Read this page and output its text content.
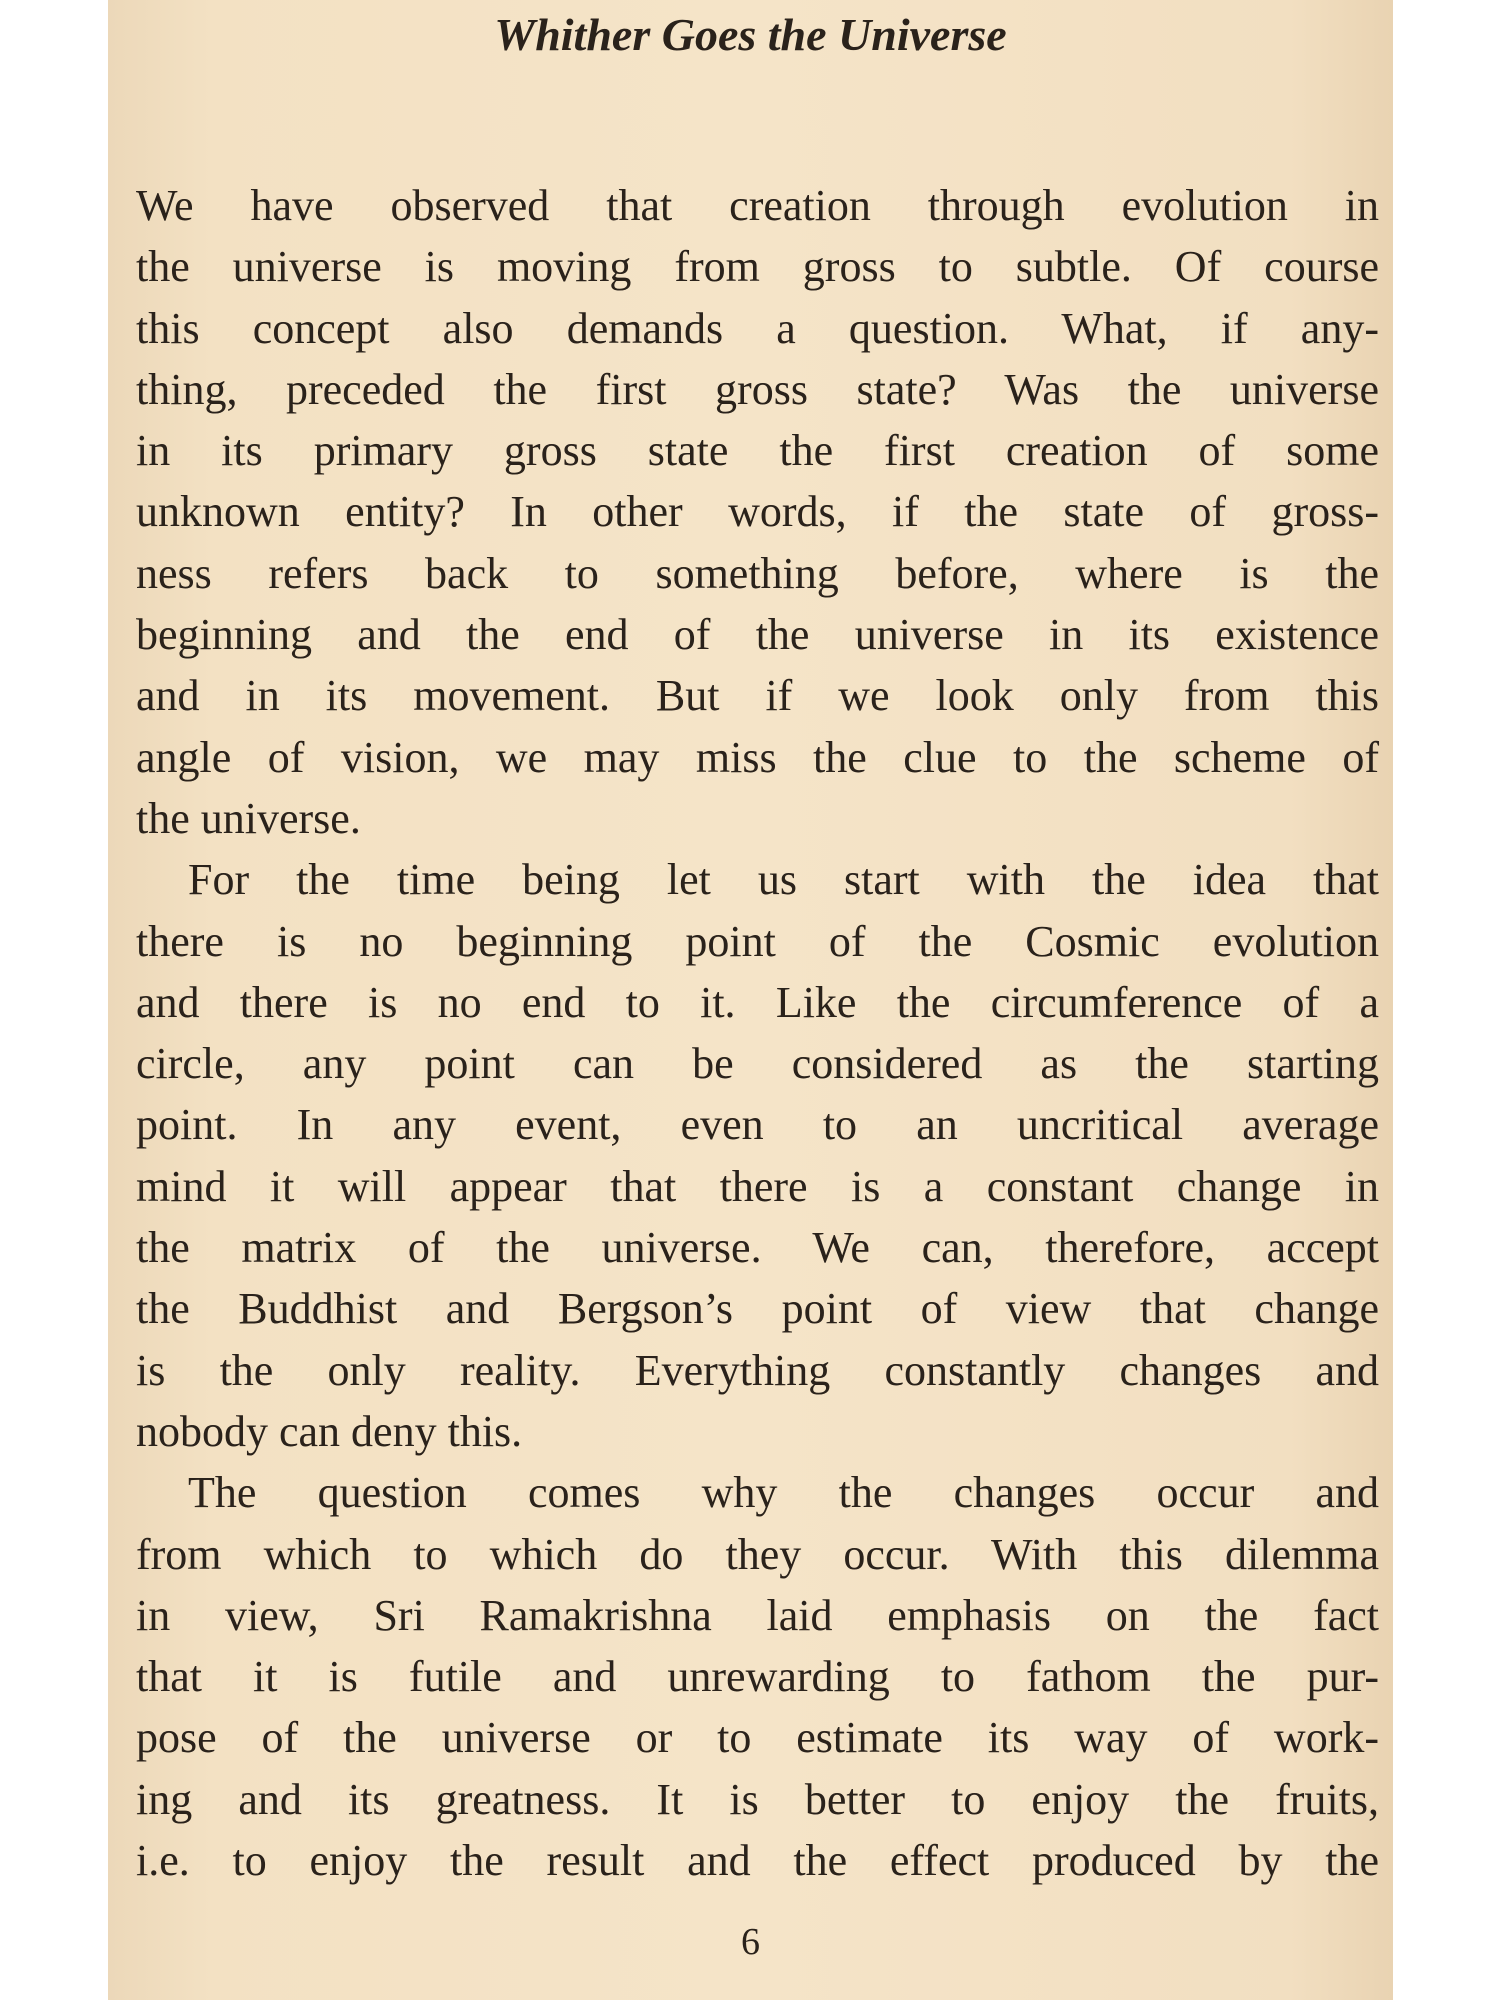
Whither Goes the Universe
We have observed that creation through evolution in
the universe is moving from gross to subtle. Of course
this concept also demands a question. What, if any-
thing, preceded the first gross state? Was the universe
in its primary gross state the first creation of some
unknown entity? In other words, if the state of gross-
ness refers back to something before, where is the
beginning and the end of the universe in its existence
and in its movement. But if we look only from this
angle of vision, we may miss the clue to the scheme of
the universe.
For the time being let us start with the idea that
there is no beginning point of the Cosmic evolution
and there is no end to it. Like the circumference of a
circle, any point can be considered as the starting
point. In any event, even to an uncritical average
mind it will appear that there is a constant change in
the matrix of the universe. We can, therefore, accept
the Buddhist and Bergson’s point of view that change
is the only reality. Everything constantly changes and
nobody can deny this.
The question comes why the changes occur and
from which to which do they occur. With this dilemma
in view, Sri Ramakrishna laid emphasis on the fact
that it is futile and unrewarding to fathom the pur-
pose of the universe or to estimate its way of work-
ing and its greatness. It is better to enjoy the fruits,
i.e. to enjoy the result and the effect produced by the
6
